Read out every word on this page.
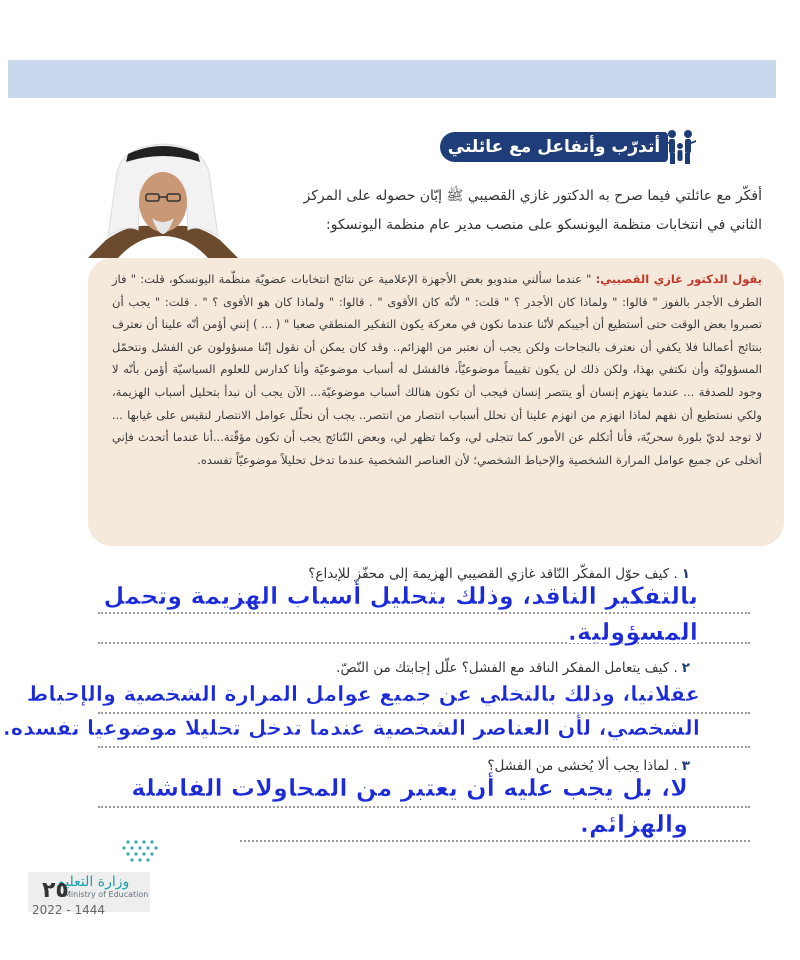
أتدرّب وأتفاعل مع عائلتي
أفكّر مع عائلتي فيما صرح به الدكتور غازي القصيبي ﷺ إبّان حصوله على المركز
الثاني في انتخابات منظمة اليونسكو على منصب مدير عام منظمة اليونسكو:
يقول الدكتور غازي القصيبي: " عندما سألني مندوبو بعض الأجهزة الإعلامية عن نتائج انتخابات عضويّة منظّمة اليونسكو، قلت: " فاز الطرف الأجدر بالفوز " قالوا: " ولماذا كان الأجدر ؟ " قلت: " لأنّه كان الأقوى " . قالوا: " ولماذا كان هو الأقوى ؟ " . قلت: " يجب أن تصبروا بعض الوقت حتى أستطيع أن أجيبكم لأنّنا عندما نكون في معركة يكون التفكير المنطقي صعبا " ( ... ) إنني أؤمن أنّه علينا أن نعترف بنتائج أعمالنا فلا يكفي أن نعترف بالنجاحات ولكن يجب أن نعتبر من الهزائم.. وقد كان يمكن أن نقول إنّنا مسؤولون عن الفشل ونتحمّل المسؤوليّة وأن نكتفي بهذا، ولكن ذلك لن يكون تقييماً موضوعيّاً، فالفشل له أسباب موضوعيّة وأنا كدارس للعلوم السياسيّة أؤمن بأنّه لا وجود للصدفة ... عندما ينهزم إنسان أو ينتصر إنسان فيجب أن تكون هنالك أسباب موضوعيّة... الآن يجب أن نبدأ بتحليل أسباب الهزيمة، ولكي نستطيع أن نفهم لماذا انهزم من انهزم علينا أن نحلل أسباب انتصار من انتصر.. يجب أن نحلّل عوامل الانتصار لنقيس على غيابها ... لا توجد لديّ بلورة سحريّة، فأنا أتكلم عن الأمور كما تتجلى لي، وكما تظهر لي، وبعض النّتائج يجب أن تكون مؤقّتة...أنا عندما أتحدث فإني أتخلى عن جميع عوامل المرارة الشخصية والإحباط الشخصي؛ لأن العناصر الشخصية عندما تدخل تحليلاً موضوعيّاً تفسده.
١. كيف حوّل المفكّر النّاقد غازي القصيبي الهزيمة إلى محفّز للإبداع؟
بالتفكير الناقد، وذلك بتحليل أسباب الهزيمة وتحمل
المسؤولية.
٢. كيف يتعامل المفكر الناقد مع الفشل؟ علّل إجابتك من النّصّ.
عقلانيا، وذلك بالتخلي عن جميع عوامل المرارة الشخصية والإحباط
الشخصي، لأن العناصر الشخصية عندما تدخل تحليلا موضوعيا تفسده.
٣. لماذا يجب ألا يُخشى من الفشل؟
لا، بل يجب عليه أن يعتبر من المحاولات الفاشلة
والهزائم.
وزارة التعليم
Ministry of Education
٢٥
2022 - 1444
